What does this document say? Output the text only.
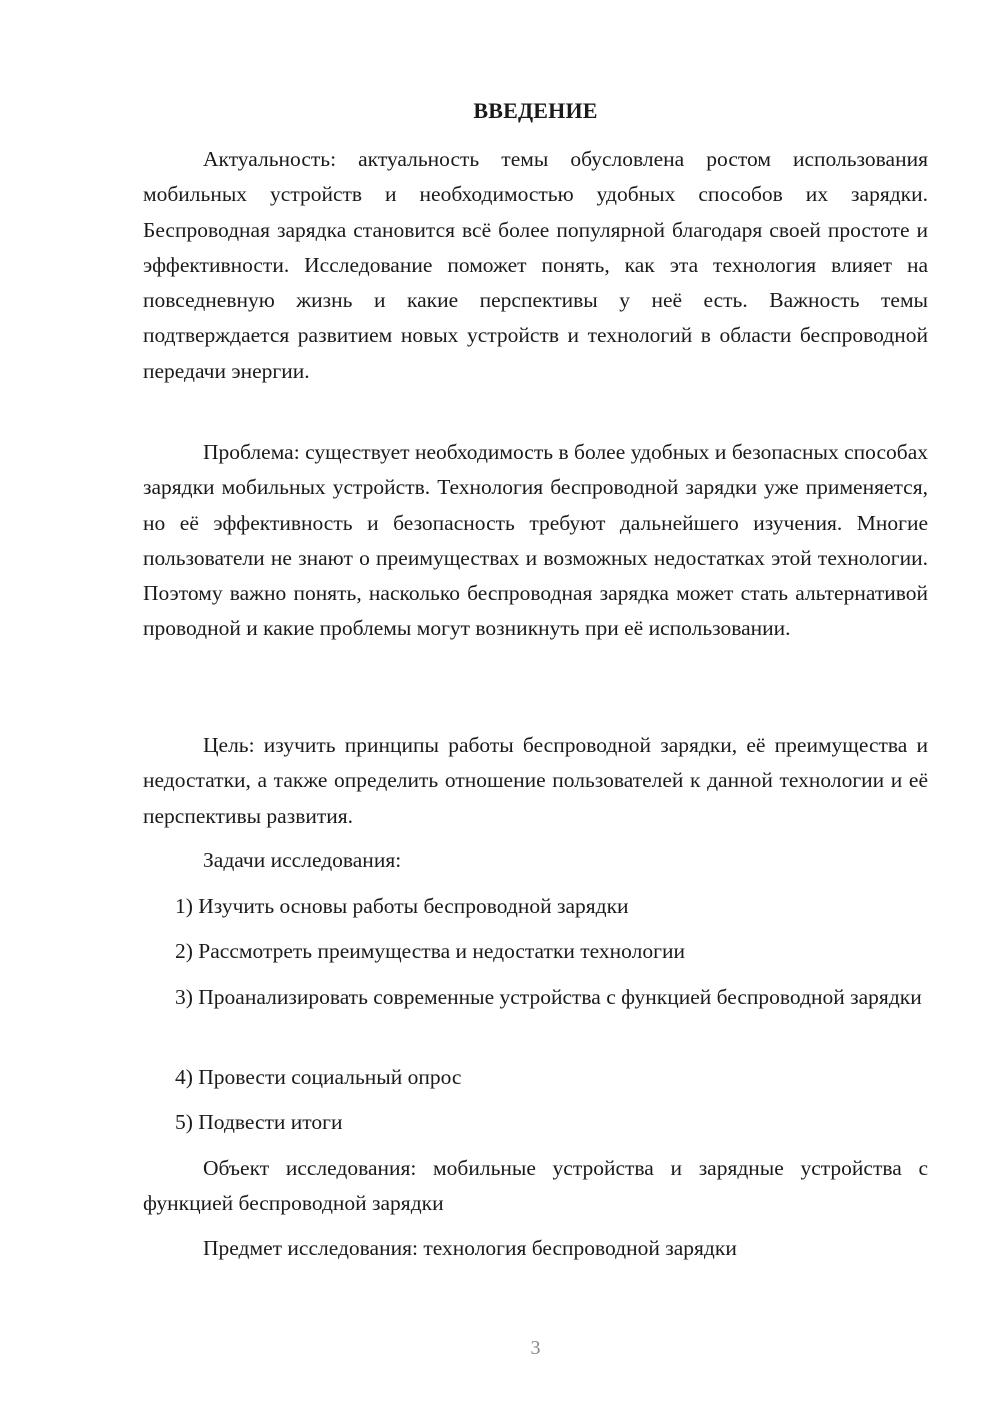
ВВЕДЕНИЕ

Актуальность: актуальность темы обусловлена ростом использования мобильных устройств и необходимостью удобных способов их зарядки. Беспроводная зарядка становится всё более популярной благодаря своей простоте и эффективности. Исследование поможет понять, как эта технология влияет на повседневную жизнь и какие перспективы у неё есть. Важность темы подтверждается развитием новых устройств и технологий в области беспроводной передачи энергии.

Проблема: существует необходимость в более удобных и безопасных способах зарядки мобильных устройств. Технология беспроводной зарядки уже применяется, но её эффективность и безопасность требуют дальнейшего изучения. Многие пользователи не знают о преимуществах и возможных недостатках этой технологии. Поэтому важно понять, насколько беспроводная зарядка может стать альтернативой проводной и какие проблемы могут возникнуть при её использовании.

Цель: изучить принципы работы беспроводной зарядки, её преимущества и недостатки, а также определить отношение пользователей к данной технологии и её перспективы развития.

Задачи исследования:

1) Изучить основы работы беспроводной зарядки

2) Рассмотреть преимущества и недостатки технологии

3) Проанализировать современные устройства с функцией беспроводной зарядки

4) Провести социальный опрос

5) Подвести итоги

Объект исследования: мобильные устройства и зарядные устройства с функцией беспроводной зарядки

Предмет исследования: технология беспроводной зарядки

3
